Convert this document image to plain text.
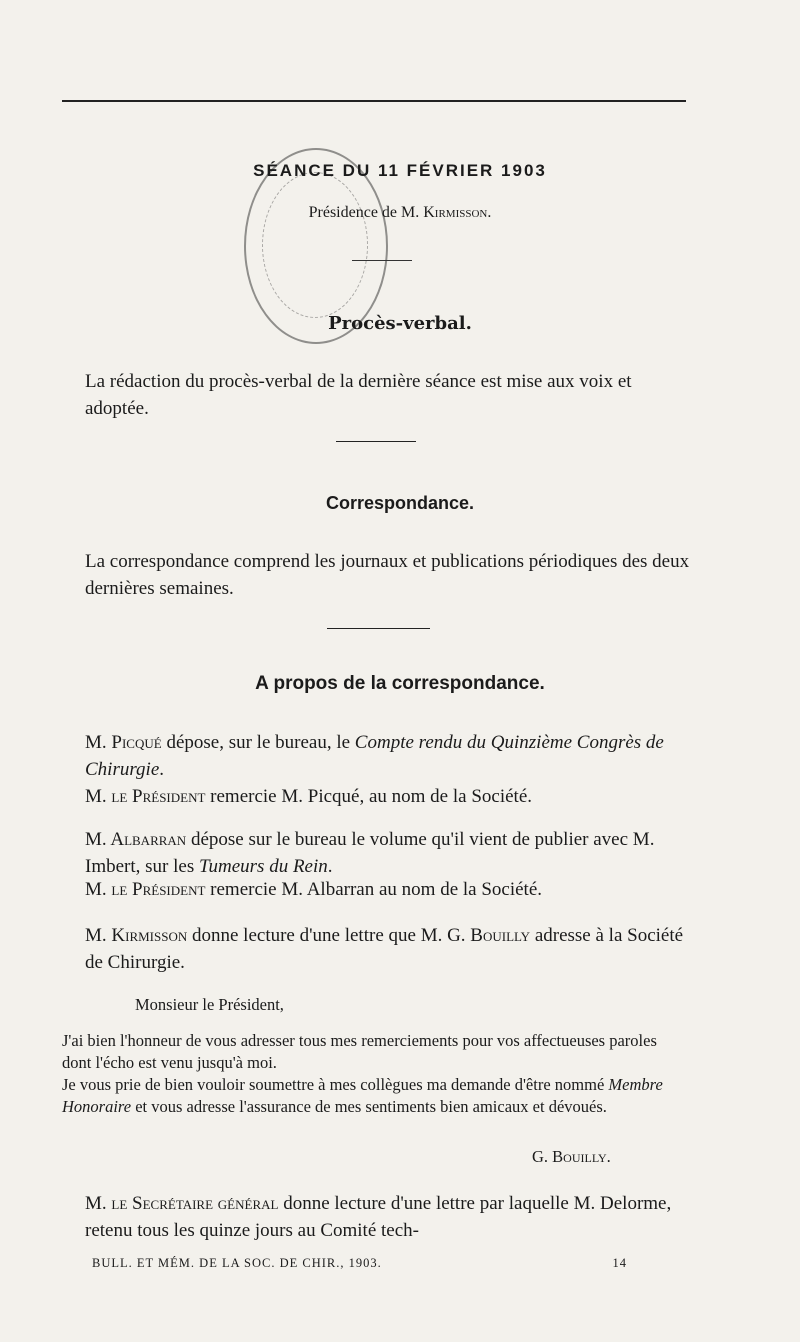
SÉANCE DU 11 FÉVRIER 1903
Présidence de M. Kirmisson.
Procès-verbal.
La rédaction du procès-verbal de la dernière séance est mise aux voix et adoptée.
Correspondance.
La correspondance comprend les journaux et publications périodiques des deux dernières semaines.
A propos de la correspondance.
M. Picqué dépose, sur le bureau, le Compte rendu du Quinzième Congrès de Chirurgie.
M. le Président remercie M. Picqué, au nom de la Société.
M. Albarran dépose sur le bureau le volume qu'il vient de publier avec M. Imbert, sur les Tumeurs du Rein.
M. le Président remercie M. Albarran au nom de la Société.
M. Kirmisson donne lecture d'une lettre que M. G. Bouilly adresse à la Société de Chirurgie.
Monsieur le Président,
J'ai bien l'honneur de vous adresser tous mes remerciements pour vos affectueuses paroles dont l'écho est venu jusqu'à moi.
Je vous prie de bien vouloir soumettre à mes collègues ma demande d'être nommé Membre Honoraire et vous adresse l'assurance de mes sentiments bien amicaux et dévoués.
G. Bouilly.
M. le Secrétaire général donne lecture d'une lettre par laquelle M. Delorme, retenu tous les quinze jours au Comité tech-
BULL. ET MÉM. DE LA SOC. DE CHIR., 1903.	14
